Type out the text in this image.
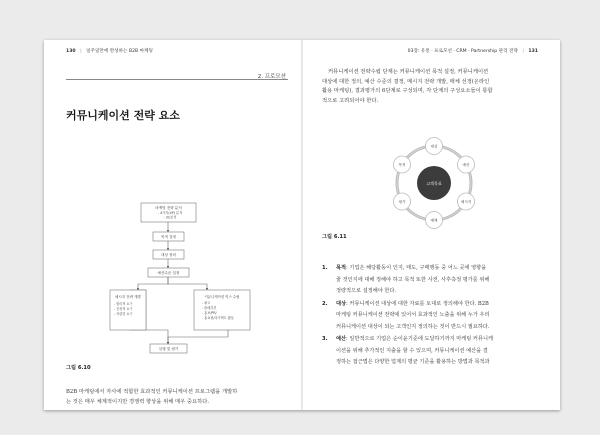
130 | 일주일만에 완성하는 B2B 마케팅
2. 프로모션
커뮤니케이션 전략 요소
마케팅 전략 분석
- 4가지(4P) 분석
- 3C분석
목적 설정
대상 정의
예산수준 설정
메시지 전략 개발
- 합리적 요구
- 감성적 요구
- 저렴한 요구
커뮤니케이션 믹스 수립
- 광고
- 판매촉진
- 홍보/PR/
- 홈쇼핑/다이렉트 활동
실행 및 평가
그림 6.10
B2B 마케팅에서 자사에 적합한 효과적인 커뮤니케이션 프로그램을 개발하
는 것은 매우 체계적이지만 경쟁력 향상을 위해 매우 중요하다.
03장: 유통 · 프로모션 · CRM · Partnership 관리 전략 | 131
커뮤니케이션 전략수립 단계는 커뮤니케이션 목적 설정, 커뮤니케이션
대상에 대한 정의, 예산 수준의 결정, 메시지 전략 개발, 매체 선정(온라인
활용 마케팅), 결과평가의 6단계로 구성되며, 각 단계의 구성요소들이 통합
적으로 고려되어야 한다.
고객목표
대상
예산
메시지
매체
평가
목적
그림 6.11
1. 목적: 기업은 해당활동이 인지, 태도, 구매행동 중 어느 곳에 영향을
줄 것인지에 대해 정해야 하고 목적 또한 사전, 사후측정 평가를 위해
정량적으로 설정해야 한다.
2. 대상: 커뮤니케이션 대상에 대한 자료를 토대로 정의해야 한다. B2B
마케팅 커뮤니케이션 전략에 있어서 효과적인 노출을 위해 누가 우리
커뮤니케이션 대상이 되는 고객인지 정의하는 것이 반드시 필요하다.
3. 예산: 일반적으로 기업은 순이윤기준에 도달하기까지 마케팅 커뮤니케
이션을 위해 추가적인 지출을 할 수 있으며, 커뮤니케이션 예산을 결
정하는 접근법은 다양한 업계의 평균 기준을 활용하는 방법과 목적과
